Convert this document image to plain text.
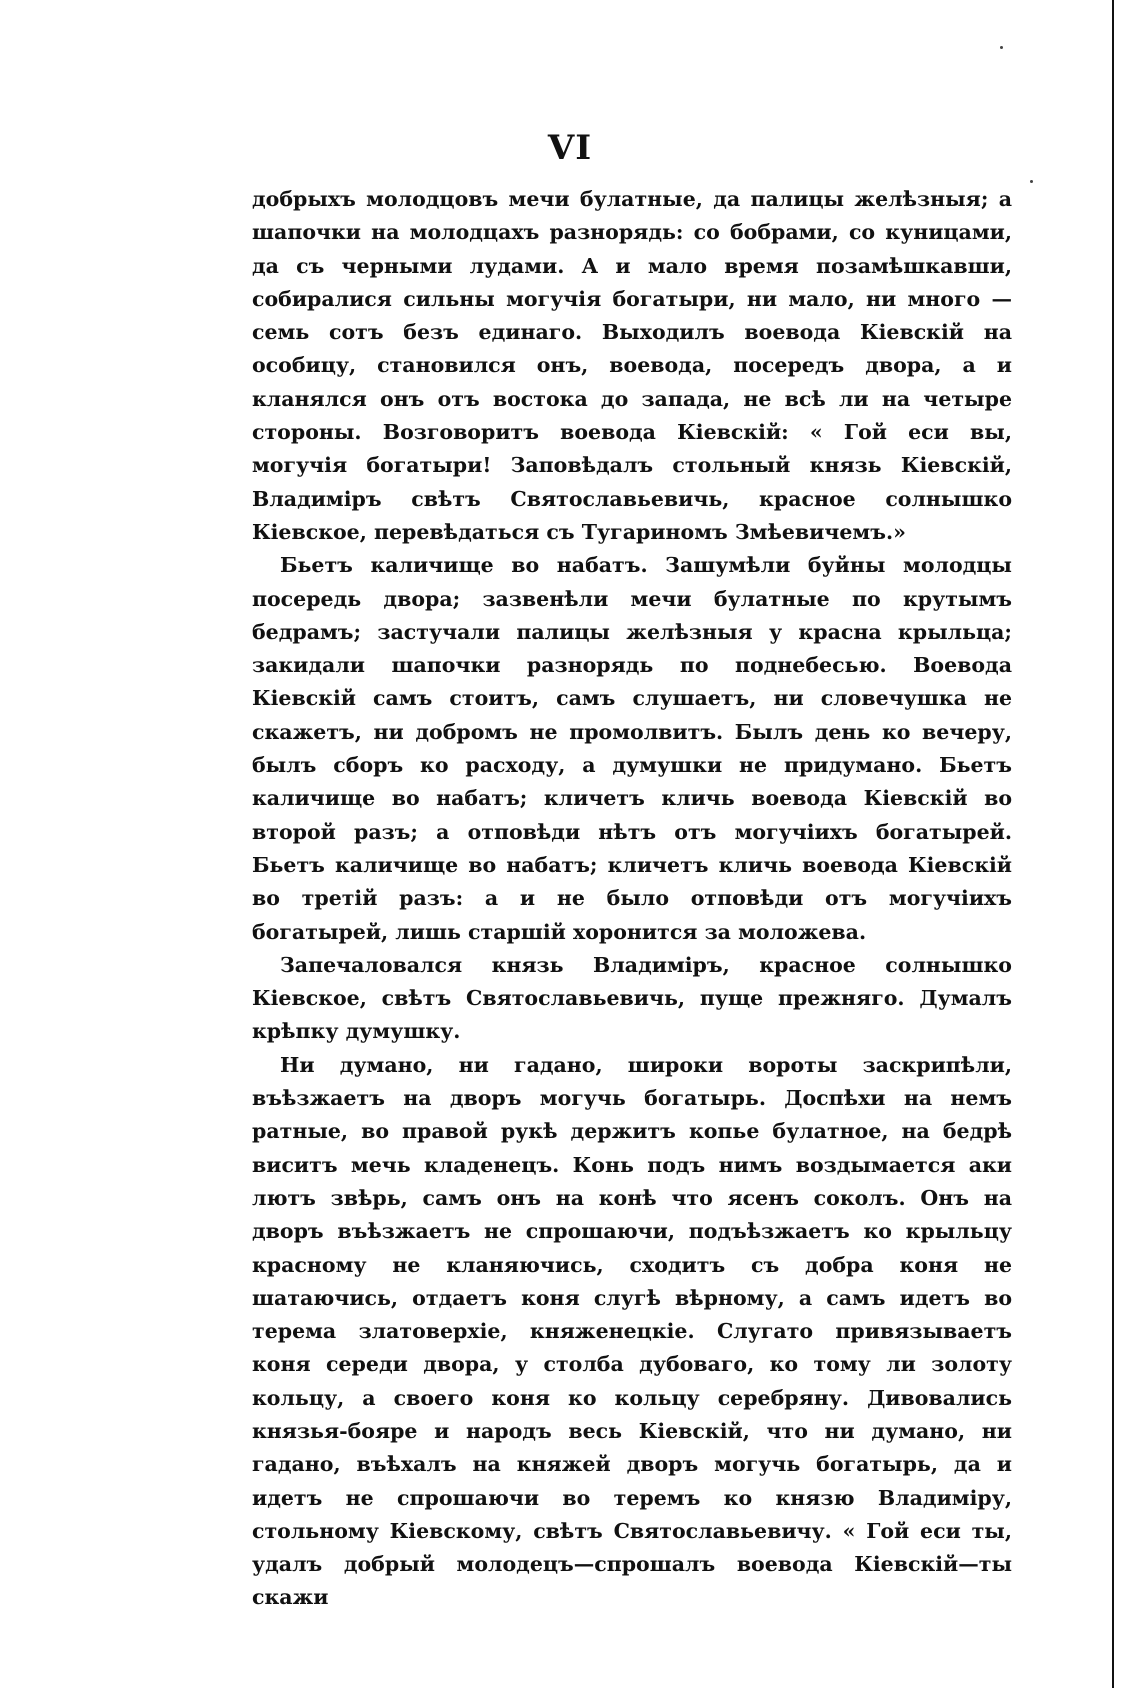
VI

добрыхъ молодцовъ мечи булатные, да палицы желѣзныя; а шапочки на молодцахъ разнорядь: со бобрами, со куницами, да съ черными лудами. А и мало время позамѣшкавши, собиралися сильны могучія богатыри, ни мало, ни много — семь сотъ безъ единаго. Выходилъ воевода Кіевскій на особицу, становился онъ, воевода, посередъ двора, а и кланялся онъ отъ востока до запада, не всѣ ли на четыре стороны. Возговоритъ воевода Кіевскій: « Гой еси вы, могучія богатыри! Заповѣдалъ стольный князь Кіевскій, Владиміръ свѣтъ Святославьевичь, красное солнышко Кіевское, перевѣдаться съ Тугариномъ Змѣевичемъ.»

Бьетъ каличище во набатъ. Зашумѣли буйны молодцы посередь двора; зазвенѣли мечи булатные по крутымъ бедрамъ; застучали палицы желѣзныя у красна крыльца; закидали шапочки разнорядь по поднебесью. Воевода Кіевскій самъ стоитъ, самъ слушаетъ, ни словечушка не скажетъ, ни добромъ не промолвитъ. Былъ день ко вечеру, былъ сборъ ко расходу, а думушки не придумано. Бьетъ каличище во набатъ; кличетъ кличь воевода Кіевскій во второй разъ; а отповѣди нѣтъ отъ могучіихъ богатырей. Бьетъ каличище во набатъ; кличетъ кличь воевода Кіевскій во третій разъ: а и не было отповѣди отъ могучіихъ богатырей, лишь старшій хоронится за моложева.

Запечаловался князь Владиміръ, красное солнышко Кіевское, свѣтъ Святославьевичь, пуще прежняго. Думалъ крѣпку думушку.

Ни думано, ни гадано, широки вороты заскрипѣли, въѣзжаетъ на дворъ могучь богатырь. Доспѣхи на немъ ратные, во правой рукѣ держитъ копье булатное, на бедрѣ виситъ мечь кладенецъ. Конь подъ нимъ воздымается аки лютъ звѣрь, самъ онъ на конѣ что ясенъ соколъ. Онъ на дворъ въѣзжаетъ не спрошаючи, подъѣзжаетъ ко крыльцу красному не кланяючись, сходитъ съ добра коня не шатаючись, отдаетъ коня слугѣ вѣрному, а самъ идетъ во терема златоверхіе, княженецкіе. Слугато привязываетъ коня середи двора, у столба дубоваго, ко тому ли золоту кольцу, а своего коня ко кольцу серебряну. Дивовались князья-бояре и народъ весь Кіевскій, что ни думано, ни гадано, въѣхалъ на княжей дворъ могучь богатырь, да и идетъ не спрошаючи во теремъ ко князю Владиміру, стольному Кіевскому, свѣтъ Святославьевичу. « Гой еси ты, удалъ добрый молодецъ—спрошалъ воевода Кіевскій—ты скажи
